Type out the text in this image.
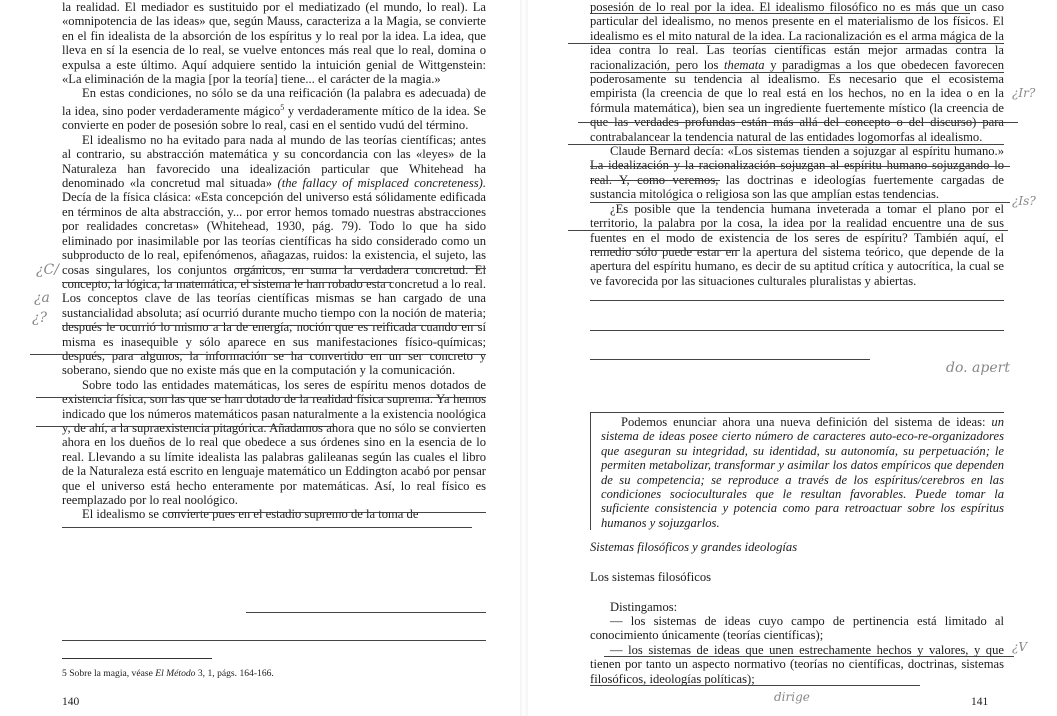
la realidad. El mediador es sustituido por el mediatizado (el mundo, lo real). La «omnipotencia de las ideas» que, según Mauss, caracteriza a la Magia, se convierte en el fin idealista de la absorción de los espíritus y lo real por la idea. La idea, que lleva en sí la esencia de lo real, se vuelve entonces más real que lo real, domina o expulsa a este último. Aquí adquiere sentido la intuición genial de Wittgenstein: «La eliminación de la magia [por la teoría] tiene... el carácter de la magia.»

En estas condiciones, no sólo se da una reificación (la palabra es adecuada) de la idea, sino poder verdaderamente mágico$^5$ y verdaderamente mítico de la idea. Se convierte en poder de posesión sobre lo real, casi en el sentido vudú del término.

El idealismo no ha evitado para nada al mundo de las teorías científicas; antes al contrario, su abstracción matemática y su concordancia con las «leyes» de la Naturaleza han favorecido una idealización particular que Whitehead ha denominado «la concretud mal situada» (the fallacy of misplaced concreteness). Decía de la física clásica: «Esta concepción del universo está sólidamente edificada en términos de alta abstracción, y... por error hemos tomado nuestras abstracciones por realidades concretas» (Whitehead, 1930, pág. 79). Todo lo que ha sido eliminado por inasimilable por las teorías científicas ha sido considerado como un subproducto de lo real, epifenómenos, añagazas, ruidos: la existencia, el sujeto, las cosas singulares, los conjuntos orgánicos, en suma la verdadera concretud. El concepto, la lógica, la matemática, el sistema le han robado esta concretud a lo real. Los conceptos clave de las teorías científicas mismas se han cargado de una sustancialidad absoluta; así ocurrió durante mucho tiempo con la noción de materia; después le ocurrió lo mismo a la de energía, noción que es reificada cuando en sí misma es inasequible y sólo aparece en sus manifestaciones físico-químicas; después, para algunos, la información se ha convertido en un ser concreto y soberano, siendo que no existe más que en la computación y la comunicación.

Sobre todo las entidades matemáticas, los seres de espíritu menos dotados de existencia física, son las que se han dotado de la realidad física suprema. Ya hemos indicado que los números matemáticos pasan naturalmente a la existencia noológica y, de ahí, a la supraexistencia pitagórica. Añadamos ahora que no sólo se convierten ahora en los dueños de lo real que obedece a sus órdenes sino en la esencia de lo real. Llevando a su límite idealista las palabras galileanas según las cuales el libro de la Naturaleza está escrito en lenguaje matemático un Eddington acabó por pensar que el universo está hecho enteramente por matemáticas. Así, lo real físico es reemplazado por lo real noológico.

El idealismo se convierte pues en el estadio supremo de la toma de

¿C/
¿a
¿?
5 Sobre la magia, véase El Método 3, 1, págs. 164-166.
140

posesión de lo real por la idea. El idealismo filosófico no es más que un caso particular del idealismo, no menos presente en el materialismo de los físicos. El idealismo es el mito natural de la idea. La racionalización es el arma mágica de la idea contra lo real. Las teorías científicas están mejor armadas contra la racionalización, pero los themata y paradigmas a los que obedecen favorecen poderosamente su tendencia al idealismo. Es necesario que el ecosistema empirista (la creencia de que lo real está en los hechos, no en la idea o en la fórmula matemática), bien sea un ingrediente fuertemente místico (la creencia de que las verdades profundas están más allá del concepto o del discurso) para contrabalancear la tendencia natural de las entidades logomorfas al idealismo.

Claude Bernard decía: «Los sistemas tienden a sojuzgar al espíritu humano.» La idealización y la racionalización sojuzgan al espíritu humano sojuzgando lo real. Y, como veremos, las doctrinas e ideologías fuertemente cargadas de sustancia mitológica o religiosa son las que amplían estas tendencias.

¿Es posible que la tendencia humana inveterada a tomar el plano por el territorio, la palabra por la cosa, la idea por la realidad encuentre una de sus fuentes en el modo de existencia de los seres de espíritu? También aquí, el remedio sólo puede estar en la apertura del sistema teórico, que depende de la apertura del espíritu humano, es decir de su aptitud crítica y autocrítica, la cual se ve favorecida por las situaciones culturales pluralistas y abiertas.

do. apert
Podemos enunciar ahora una nueva definición del sistema de ideas: un sistema de ideas posee cierto número de caracteres auto-eco-re-organizadores que aseguran su integridad, su identidad, su autonomía, su perpetuación; le permiten metabolizar, transformar y asimilar los datos empíricos que dependen de su competencia; se reproduce a través de los espíritus/cerebros en las condiciones socioculturales que le resultan favorables. Puede tomar la suficiente consistencia y potencia como para retroactuar sobre los espíritus humanos y sojuzgarlos.
Sistemas filosóficos y grandes ideologías
Los sistemas filosóficos
Distingamos:
— los sistemas de ideas cuyo campo de pertinencia está limitado al conocimiento únicamente (teorías científicas);
— los sistemas de ideas que unen estrechamente hechos y valores, y que tienen por tanto un aspecto normativo (teorías no científicas, doctrinas, sistemas filosóficos, ideologías políticas);
dirige
¿Ir?
¿Is?
¿V
141
